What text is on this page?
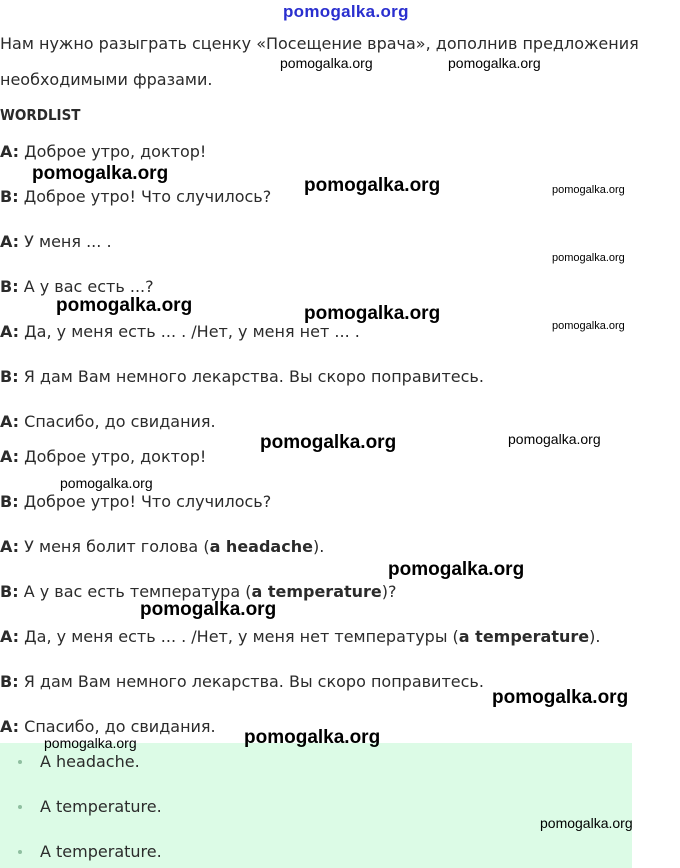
pomogalka.org
Нам нужно разыграть сценку «Посещение врача», дополнив предложения
необходимыми фразами.
WORDLIST
A: Доброе утро, доктор!
B: Доброе утро! Что случилось?
A: У меня ... .
B: А у вас есть ...?
A: Да, у меня есть ... . /Нет, у меня нет ... .
B: Я дам Вам немного лекарства. Вы скоро поправитесь.
A: Спасибо, до свидания.
A: Доброе утро, доктор!
B: Доброе утро! Что случилось?
A: У меня болит голова (a headache).
B: А у вас есть температура (a temperature)?
A: Да, у меня есть ... . /Нет, у меня нет температуры (a temperature).
B: Я дам Вам немного лекарства. Вы скоро поправитесь.
A: Спасибо, до свидания.
A headache.
A temperature.
A temperature.
pomogalka.org	pomogalka.org
pomogalka.org
pomogalka.org	pomogalka.org
pomogalka.org
pomogalka.org	pomogalka.org
pomogalka.org
pomogalka.org	pomogalka.org
pomogalka.org
pomogalka.org
pomogalka.org
pomogalka.org
pomogalka.org	pomogalka.org
pomogalka.org
